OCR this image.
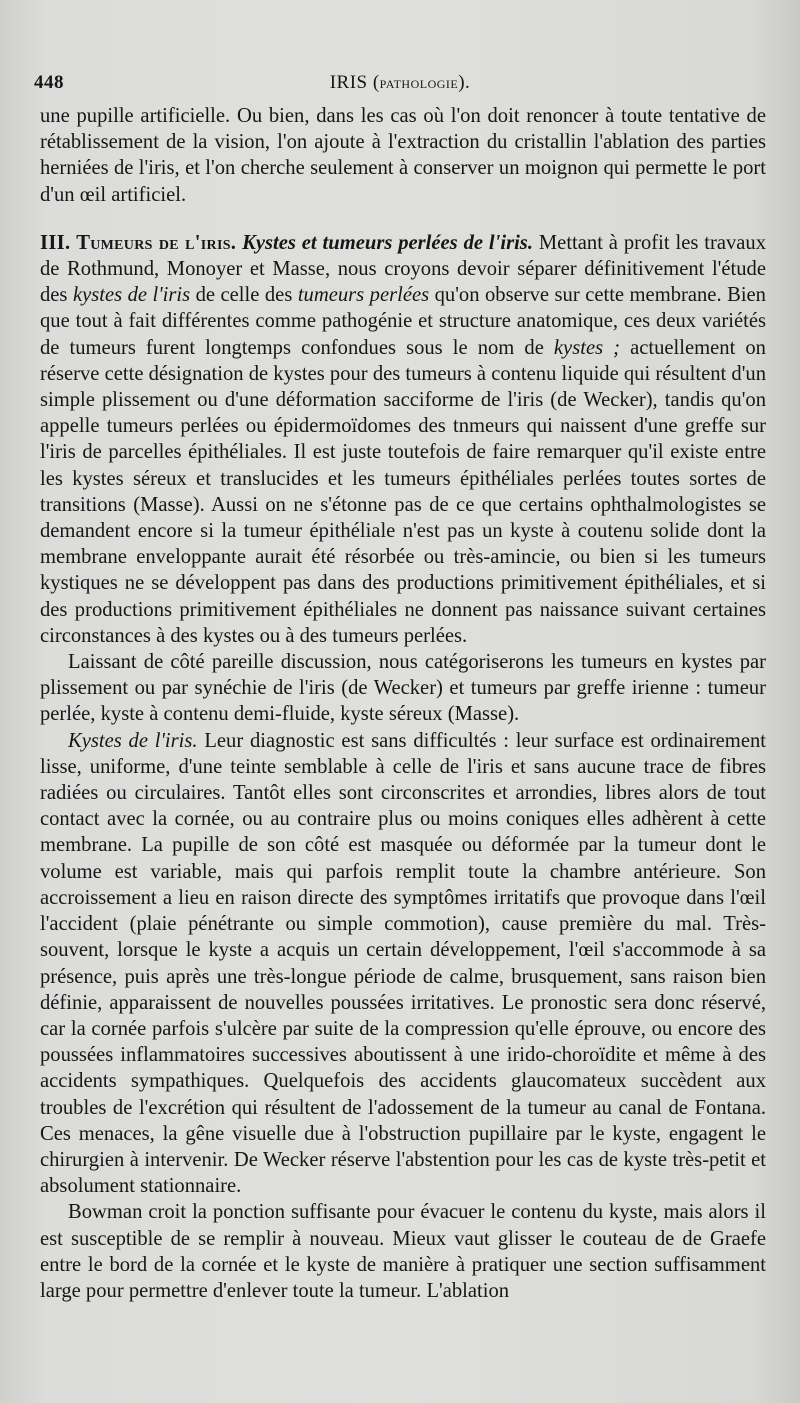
448	IRIS (pathologie).

une pupille artificielle. Ou bien, dans les cas où l'on doit renoncer à toute tentative de rétablissement de la vision, l'on ajoute à l'extraction du cristallin l'ablation des parties herniées de l'iris, et l'on cherche seulement à conserver un moignon qui permette le port d'un œil artificiel.

III. Tumeurs de l'iris. Kystes et tumeurs perlées de l'iris. Mettant à profit les travaux de Rothmund, Monoyer et Masse, nous croyons devoir séparer définitivement l'étude des kystes de l'iris de celle des tumeurs perlées qu'on observe sur cette membrane. Bien que tout à fait différentes comme pathogénie et structure anatomique, ces deux variétés de tumeurs furent longtemps confondues sous le nom de kystes ; actuellement on réserve cette désignation de kystes pour des tumeurs à contenu liquide qui résultent d'un simple plissement ou d'une déformation sacciforme de l'iris (de Wecker), tandis qu'on appelle tumeurs perlées ou épidermoïdomes des tnmeurs qui naissent d'une greffe sur l'iris de parcelles épithéliales. Il est juste toutefois de faire remarquer qu'il existe entre les kystes séreux et translucides et les tumeurs épithéliales perlées toutes sortes de transitions (Masse). Aussi on ne s'étonne pas de ce que certains ophthalmologistes se demandent encore si la tumeur épithéliale n'est pas un kyste à coutenu solide dont la membrane enveloppante aurait été résorbée ou très-amincie, ou bien si les tumeurs kystiques ne se développent pas dans des productions primitivement épithéliales, et si des productions primitivement épithéliales ne donnent pas naissance suivant certaines circonstances à des kystes ou à des tumeurs perlées.

Laissant de côté pareille discussion, nous catégoriserons les tumeurs en kystes par plissement ou par synéchie de l'iris (de Wecker) et tumeurs par greffe irienne : tumeur perlée, kyste à contenu demi-fluide, kyste séreux (Masse).

Kystes de l'iris. Leur diagnostic est sans difficultés : leur surface est ordinairement lisse, uniforme, d'une teinte semblable à celle de l'iris et sans aucune trace de fibres radiées ou circulaires. Tantôt elles sont circonscrites et arrondies, libres alors de tout contact avec la cornée, ou au contraire plus ou moins coniques elles adhèrent à cette membrane. La pupille de son côté est masquée ou déformée par la tumeur dont le volume est variable, mais qui parfois remplit toute la chambre antérieure. Son accroissement a lieu en raison directe des symptômes irritatifs que provoque dans l'œil l'accident (plaie pénétrante ou simple commotion), cause première du mal. Très-souvent, lorsque le kyste a acquis un certain développement, l'œil s'accommode à sa présence, puis après une très-longue période de calme, brusquement, sans raison bien définie, apparaissent de nouvelles poussées irritatives. Le pronostic sera donc réservé, car la cornée parfois s'ulcère par suite de la compression qu'elle éprouve, ou encore des poussées inflammatoires successives aboutissent à une irido-choroïdite et même à des accidents sympathiques. Quelquefois des accidents glaucomateux succèdent aux troubles de l'excrétion qui résultent de l'adossement de la tumeur au canal de Fontana. Ces menaces, la gêne visuelle due à l'obstruction pupillaire par le kyste, engagent le chirurgien à intervenir. De Wecker réserve l'abstention pour les cas de kyste très-petit et absolument stationnaire.

Bowman croit la ponction suffisante pour évacuer le contenu du kyste, mais alors il est susceptible de se remplir à nouveau. Mieux vaut glisser le couteau de de Graefe entre le bord de la cornée et le kyste de manière à pratiquer une section suffisamment large pour permettre d'enlever toute la tumeur. L'ablation
